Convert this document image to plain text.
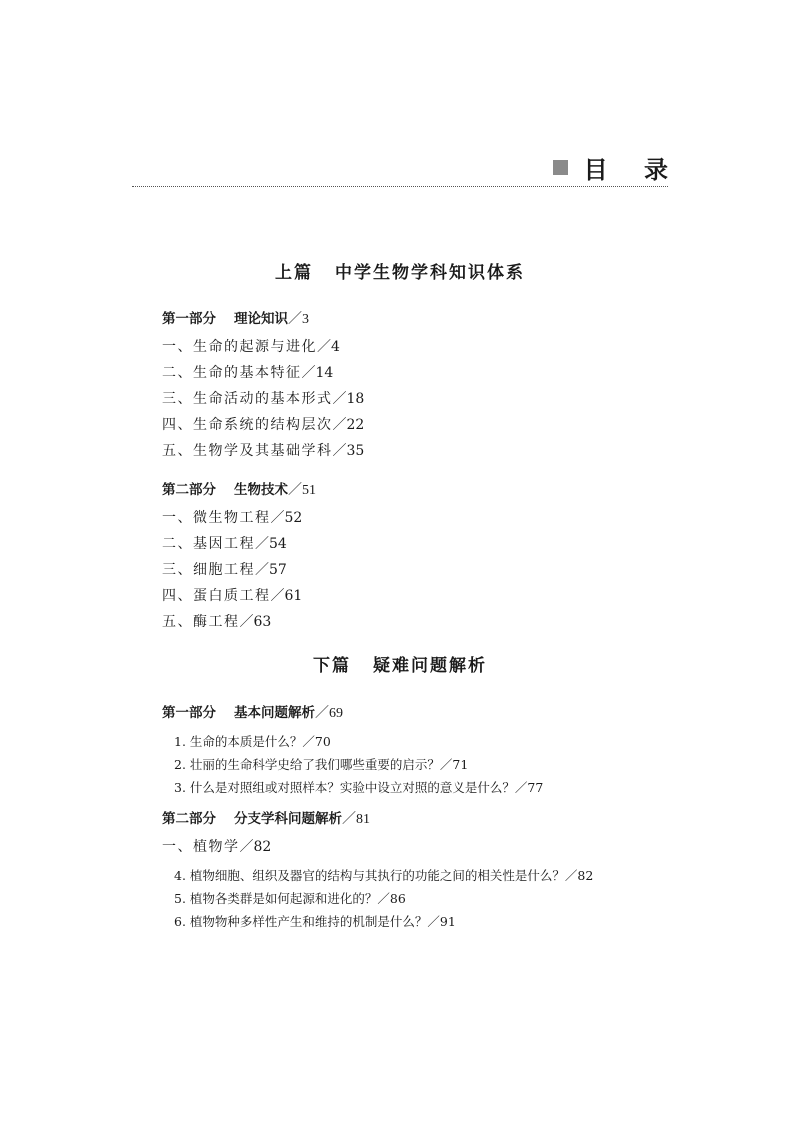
目 录
上篇 中学生物学科知识体系
第一部分 理论知识／3
一、生命的起源与进化／4
二、生命的基本特征／14
三、生命活动的基本形式／18
四、生命系统的结构层次／22
五、生物学及其基础学科／35
第二部分 生物技术／51
一、微生物工程／52
二、基因工程／54
三、细胞工程／57
四、蛋白质工程／61
五、酶工程／63
下篇 疑难问题解析
第一部分 基本问题解析／69
1. 生命的本质是什么？／70
2. 壮丽的生命科学史给了我们哪些重要的启示？／71
3. 什么是对照组或对照样本？实验中设立对照的意义是什么？／77
第二部分 分支学科问题解析／81
一、植物学／82
4. 植物细胞、组织及器官的结构与其执行的功能之间的相关性是什么？／82
5. 植物各类群是如何起源和进化的？／86
6. 植物物种多样性产生和维持的机制是什么？／91
